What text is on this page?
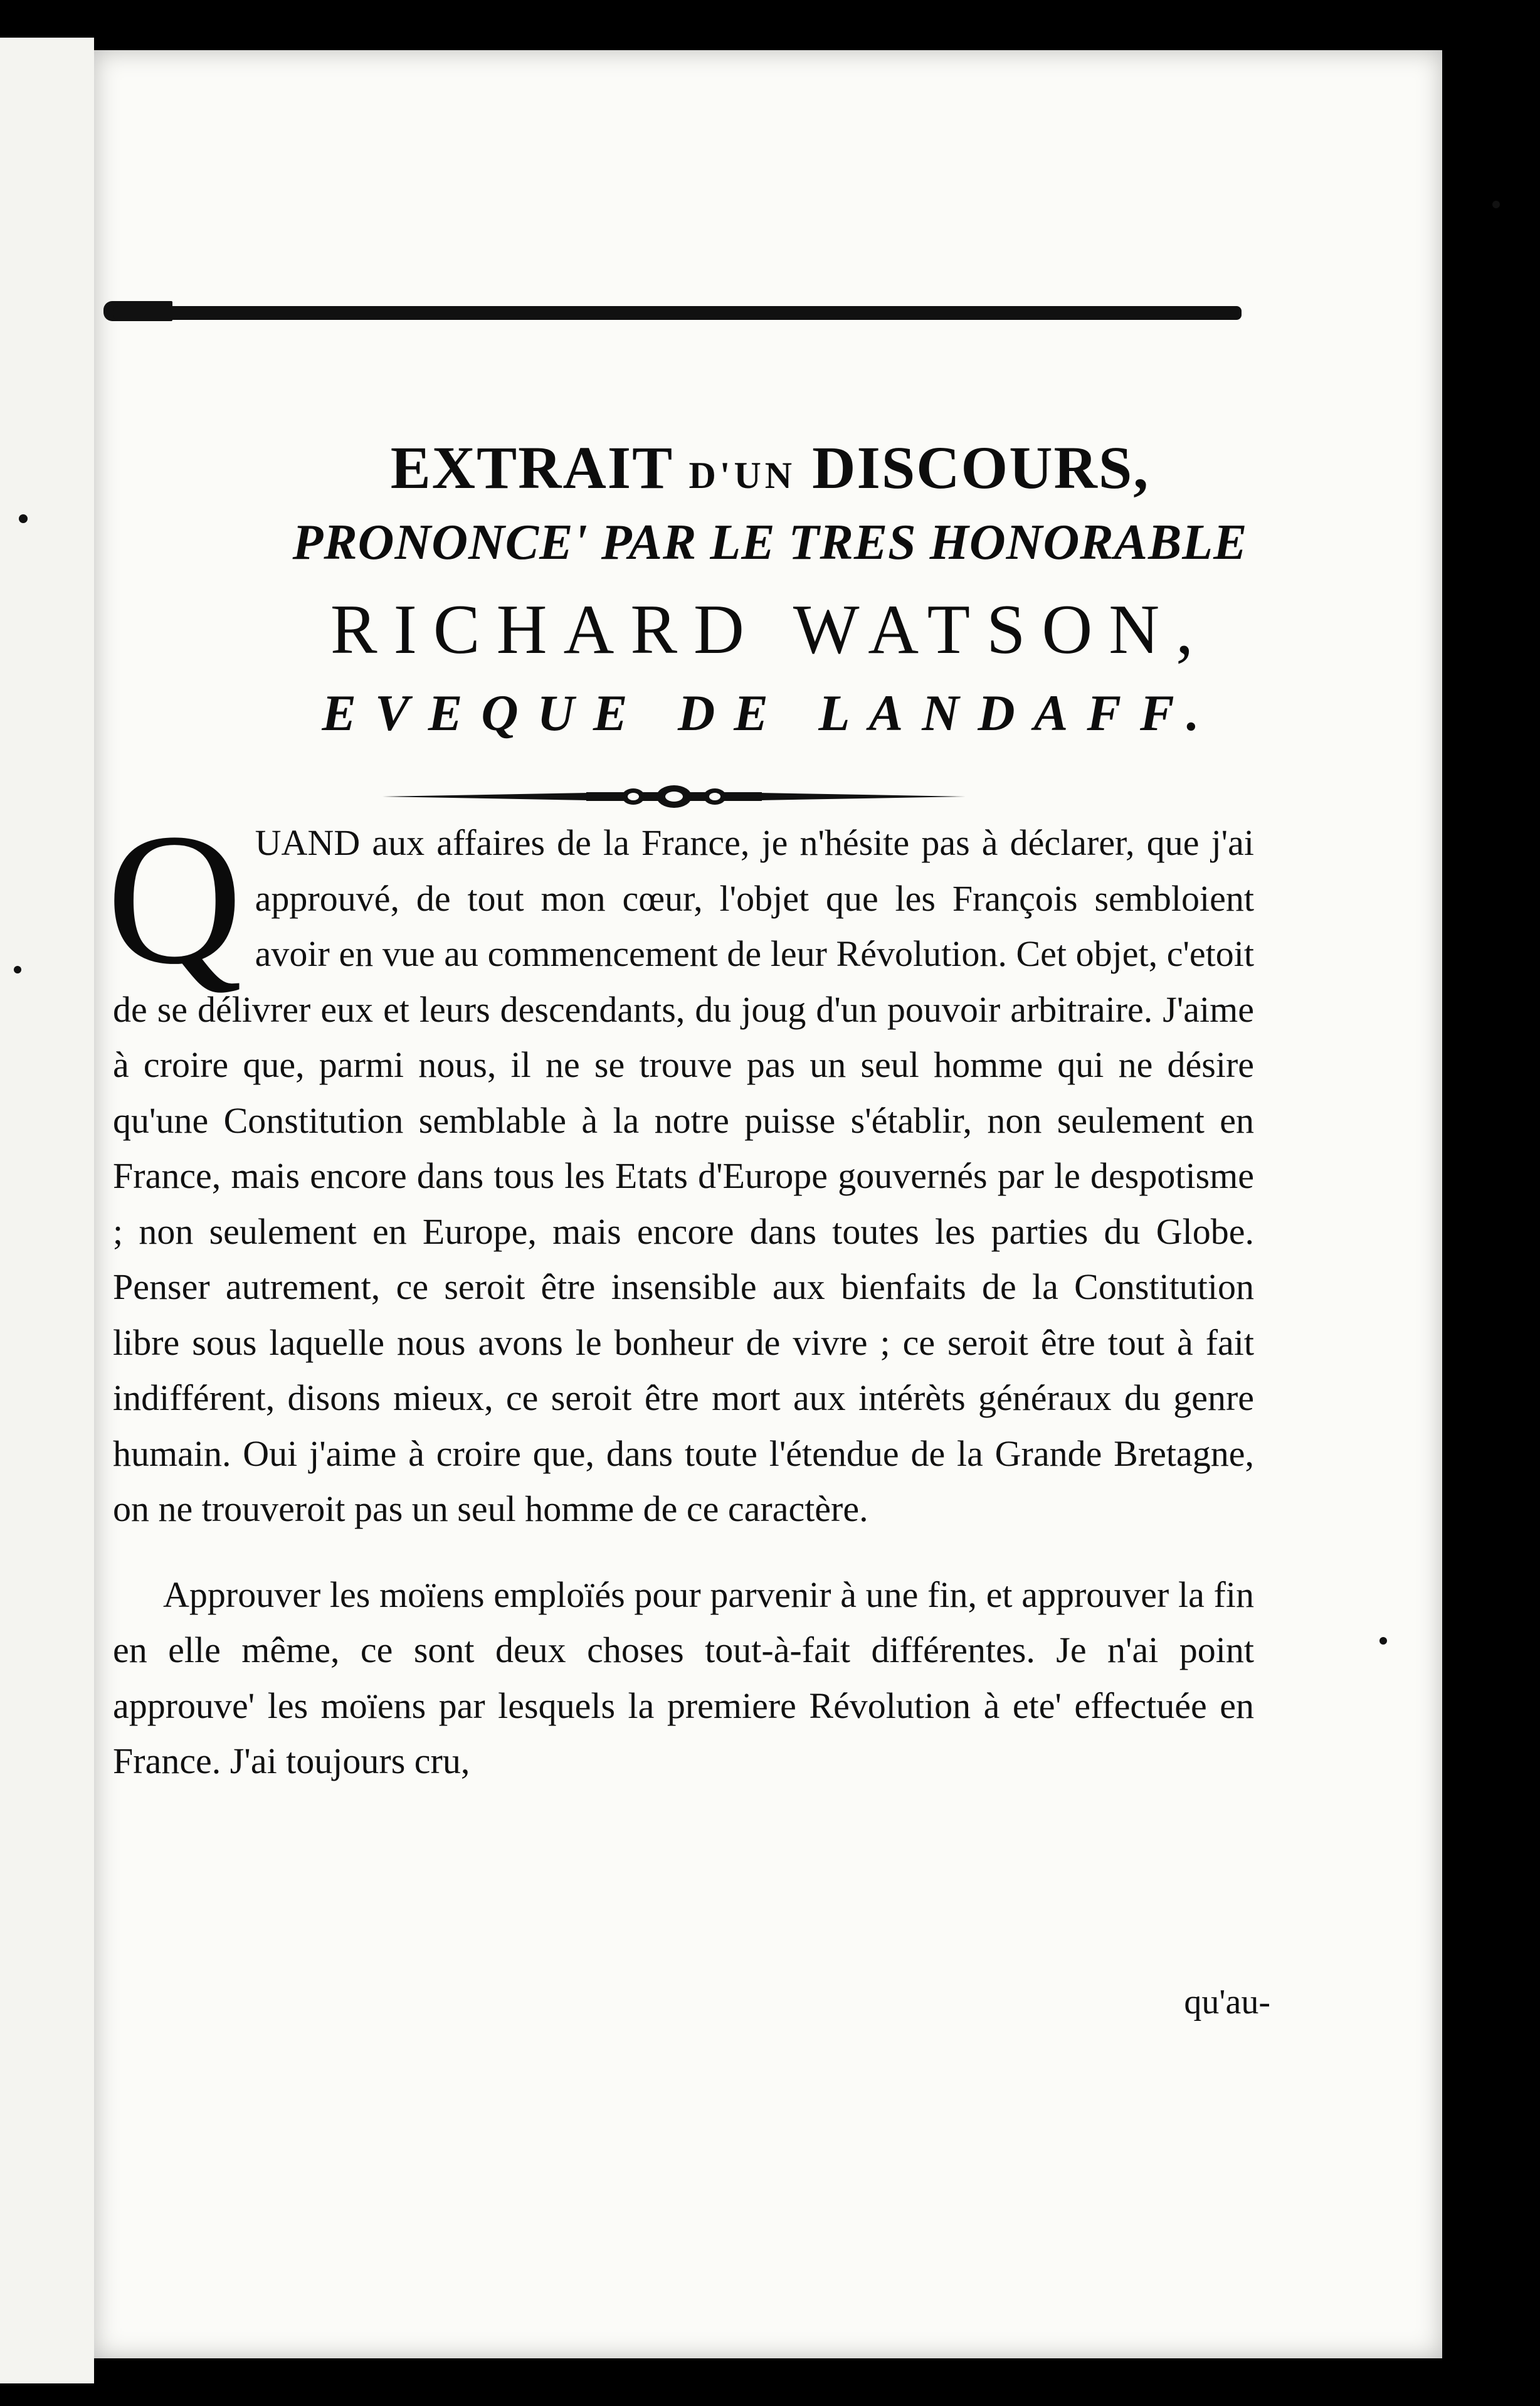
EXTRAIT D'UN DISCOURS,
PRONONCE' PAR LE TRES HONORABLE
RICHARD WATSON,
EVEQUE DE LANDAFF.

Q UAND aux affaires de la France, je n'hésite pas à déclarer, que j'ai approuvé, de tout mon cœur, l'objet que les François sembloient avoir en vue au commencement de leur Révolution. Cet objet, c'etoit de se délivrer eux et leurs descendants, du joug d'un pouvoir arbitraire. J'aime à croire que, parmi nous, il ne se trouve pas un seul homme qui ne désire qu'une Constitution semblable à la notre puisse s'établir, non seulement en France, mais encore dans tous les Etats d'Europe gouvernés par le despotisme ; non seulement en Europe, mais encore dans toutes les parties du Globe. Penser autrement, ce seroit être insensible aux bienfaits de la Constitution libre sous laquelle nous avons le bonheur de vivre ; ce seroit être tout à fait indifférent, disons mieux, ce seroit être mort aux intérèts généraux du genre humain. Oui j'aime à croire que, dans toute l'étendue de la Grande Bretagne, on ne trouveroit pas un seul homme de ce caractère.

Approuver les moïens emploïés pour parvenir à une fin, et approuver la fin en elle même, ce sont deux choses tout-à-fait différentes. Je n'ai point approuve' les moïens par lesquels la premiere Révolution à ete' effectuée en France. J'ai toujours cru,

qu'au-
